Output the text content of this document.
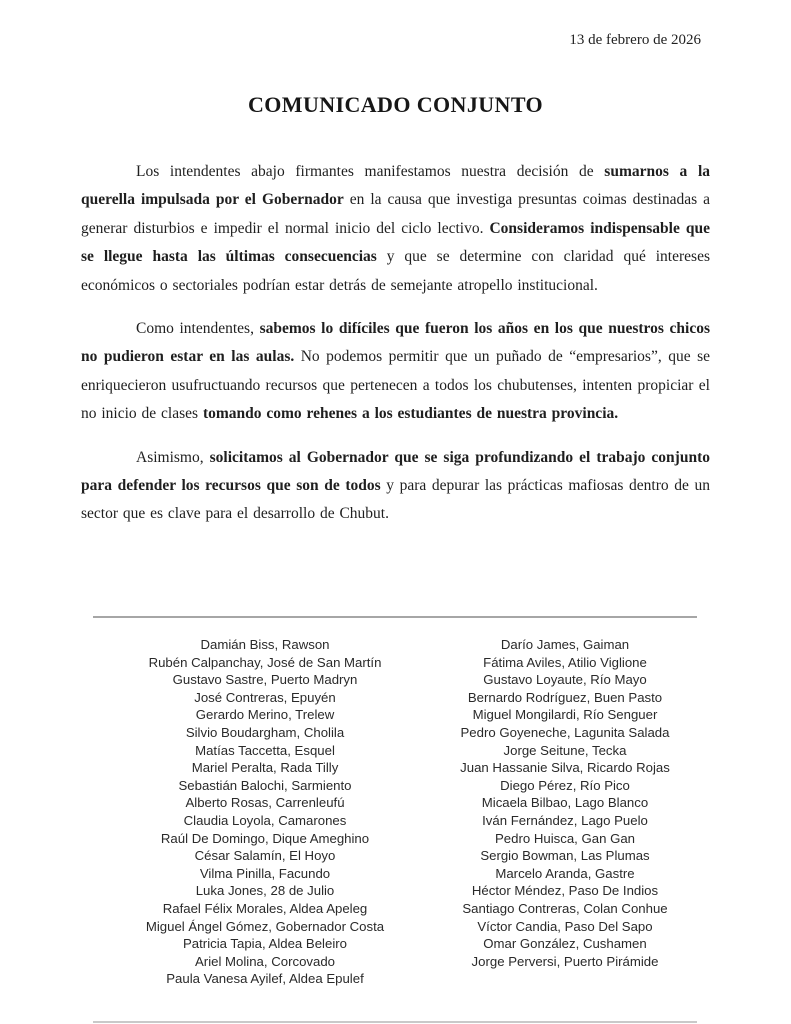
13 de febrero de 2026
COMUNICADO CONJUNTO

Los intendentes abajo firmantes manifestamos nuestra decisión de sumarnos a la querella impulsada por el Gobernador en la causa que investiga presuntas coimas destinadas a generar disturbios e impedir el normal inicio del ciclo lectivo. Consideramos indispensable que se llegue hasta las últimas consecuencias y que se determine con claridad qué intereses económicos o sectoriales podrían estar detrás de semejante atropello institucional.

Como intendentes, sabemos lo difíciles que fueron los años en los que nuestros chicos no pudieron estar en las aulas. No podemos permitir que un puñado de “empresarios”, que se enriquecieron usufructuando recursos que pertenecen a todos los chubutenses, intenten propiciar el no inicio de clases tomando como rehenes a los estudiantes de nuestra provincia.

Asimismo, solicitamos al Gobernador que se siga profundizando el trabajo conjunto para defender los recursos que son de todos y para depurar las prácticas mafiosas dentro de un sector que es clave para el desarrollo de Chubut.

Damián Biss, Rawson
Rubén Calpanchay, José de San Martín
Gustavo Sastre, Puerto Madryn
José Contreras, Epuyén
Gerardo Merino, Trelew
Silvio Boudargham, Cholila
Matías Taccetta, Esquel
Mariel Peralta, Rada Tilly
Sebastián Balochi, Sarmiento
Alberto Rosas, Carrenleufú
Claudia Loyola, Camarones
Raúl De Domingo, Dique Ameghino
César Salamín, El Hoyo
Vilma Pinilla, Facundo
Luka Jones, 28 de Julio
Rafael Félix Morales, Aldea Apeleg
Miguel Ángel Gómez, Gobernador Costa
Patricia Tapia, Aldea Beleiro
Ariel Molina, Corcovado
Paula Vanesa Ayilef, Aldea Epulef
Darío James, Gaiman
Fátima Aviles, Atilio Viglione
Gustavo Loyaute, Río Mayo
Bernardo Rodríguez, Buen Pasto
Miguel Mongilardi, Río Senguer
Pedro Goyeneche, Lagunita Salada
Jorge Seitune, Tecka
Juan Hassanie Silva, Ricardo Rojas
Diego Pérez, Río Pico
Micaela Bilbao, Lago Blanco
Iván Fernández, Lago Puelo
Pedro Huisca, Gan Gan
Sergio Bowman, Las Plumas
Marcelo Aranda, Gastre
Héctor Méndez, Paso De Indios
Santiago Contreras, Colan Conhue
Víctor Candia, Paso Del Sapo
Omar González, Cushamen
Jorge Perversi, Puerto Pirámide
